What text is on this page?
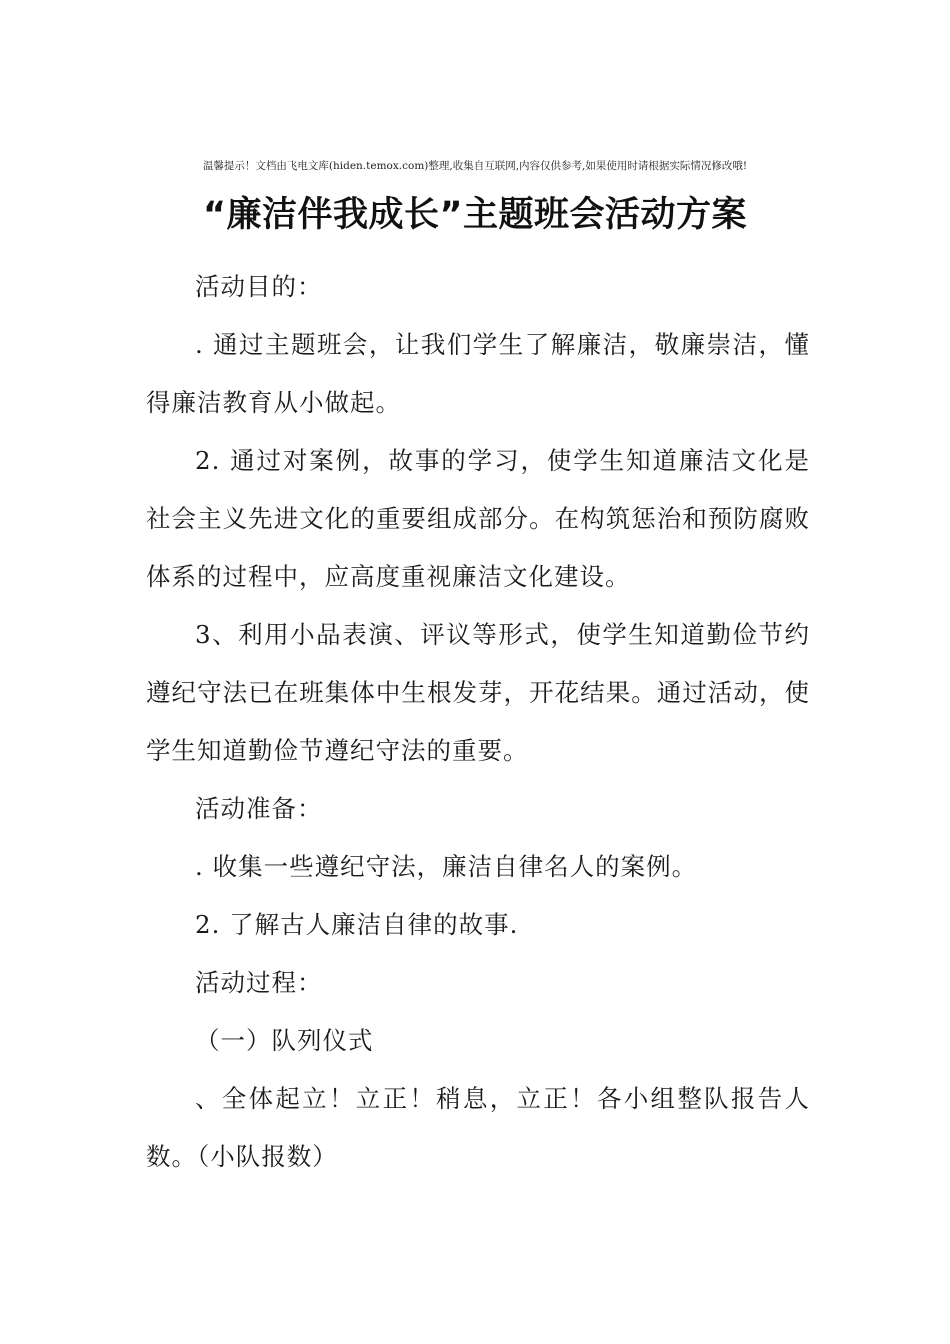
温馨提示！文档由飞电文库(hiden.temox.com)整理,收集自互联网,内容仅供参考,如果使用时请根据实际情况修改哦!
“廉洁伴我成长”主题班会活动方案

活动目的：

. 通过主题班会，让我们学生了解廉洁，敬廉崇洁，懂得廉洁教育从小做起。

2. 通过对案例，故事的学习，使学生知道廉洁文化是社会主义先进文化的重要组成部分。在构筑惩治和预防腐败体系的过程中，应高度重视廉洁文化建设。

3、利用小品表演、评议等形式，使学生知道勤俭节约遵纪守法已在班集体中生根发芽，开花结果。通过活动，使学生知道勤俭节遵纪守法的重要。

活动准备：

. 收集一些遵纪守法，廉洁自律名人的案例。

2. 了解古人廉洁自律的故事.

活动过程：

（一）队列仪式

、全体起立！立正！稍息，立正！各小组整队报告人数。（小队报数）
